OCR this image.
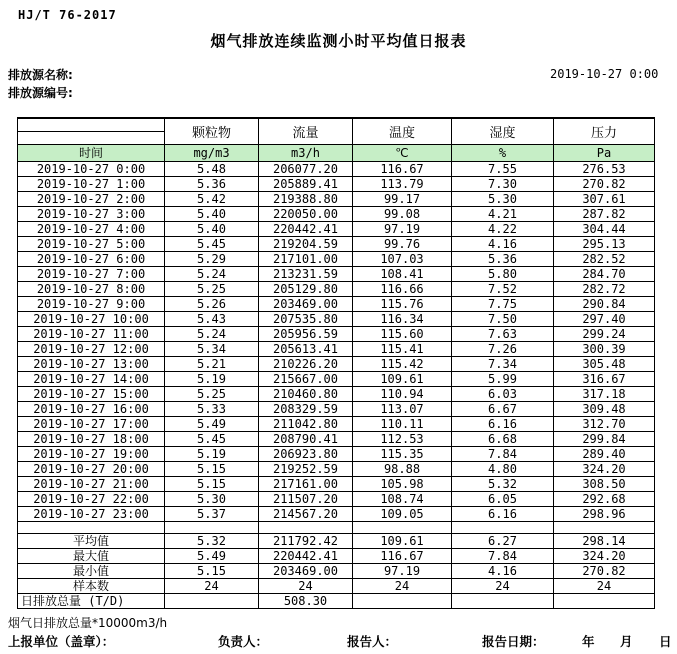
HJ/T 76-2017
烟气排放连续监测小时平均值日报表
排放源名称:
排放源编号:
2019-10-27 0:00
	颗粒物	流量	温度	湿度	压力

时间	mg/m3	m3/h	℃	%	Pa
2019-10-27 0:00	5.48	206077.20	116.67	7.55	276.53
2019-10-27 1:00	5.36	205889.41	113.79	7.30	270.82
2019-10-27 2:00	5.42	219388.80	99.17	5.30	307.61
2019-10-27 3:00	5.40	220050.00	99.08	4.21	287.82
2019-10-27 4:00	5.40	220442.41	97.19	4.22	304.44
2019-10-27 5:00	5.45	219204.59	99.76	4.16	295.13
2019-10-27 6:00	5.29	217101.00	107.03	5.36	282.52
2019-10-27 7:00	5.24	213231.59	108.41	5.80	284.70
2019-10-27 8:00	5.25	205129.80	116.66	7.52	282.72
2019-10-27 9:00	5.26	203469.00	115.76	7.75	290.84
2019-10-27 10:00	5.43	207535.80	116.34	7.50	297.40
2019-10-27 11:00	5.24	205956.59	115.60	7.63	299.24
2019-10-27 12:00	5.34	205613.41	115.41	7.26	300.39
2019-10-27 13:00	5.21	210226.20	115.42	7.34	305.48
2019-10-27 14:00	5.19	215667.00	109.61	5.99	316.67
2019-10-27 15:00	5.25	210460.80	110.94	6.03	317.18
2019-10-27 16:00	5.33	208329.59	113.07	6.67	309.48
2019-10-27 17:00	5.49	211042.80	110.11	6.16	312.70
2019-10-27 18:00	5.45	208790.41	112.53	6.68	299.84
2019-10-27 19:00	5.19	206923.80	115.35	7.84	289.40
2019-10-27 20:00	5.15	219252.59	98.88	4.80	324.20
2019-10-27 21:00	5.15	217161.00	105.98	5.32	308.50
2019-10-27 22:00	5.30	211507.20	108.74	6.05	292.68
2019-10-27 23:00	5.37	214567.20	109.05	6.16	298.96

平均值	5.32	211792.42	109.61	6.27	298.14
最大值	5.49	220442.41	116.67	7.84	324.20
最小值	5.15	203469.00	97.19	4.16	270.82
样本数	24	24	24	24	24
日排放总量 (T/D)		508.30			
烟气日排放总量*10000m3/h
上报单位（盖章）：	负责人：	报告人：	报告日期：	年 月 日
